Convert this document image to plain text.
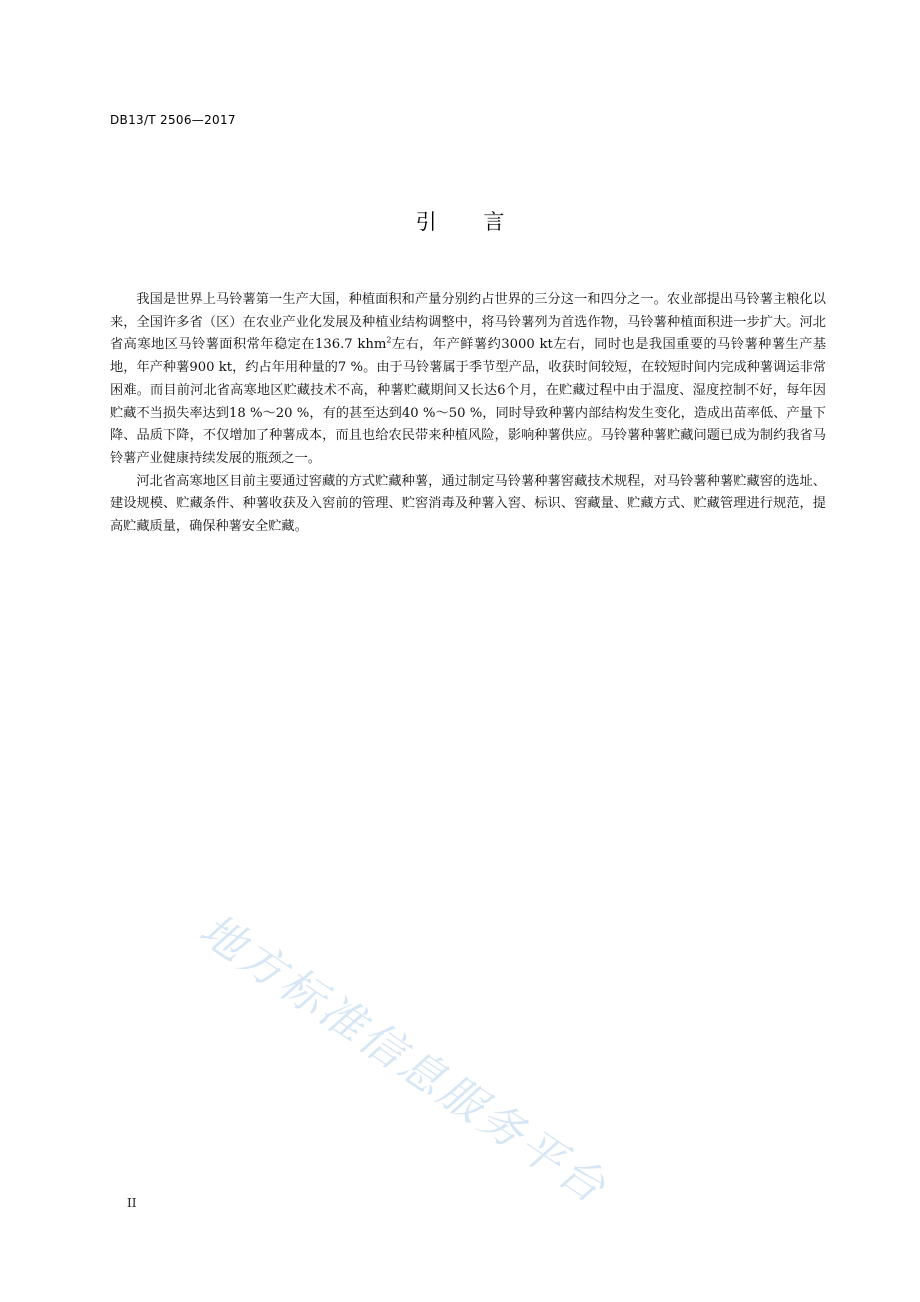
DB13/T 2506—2017
引 言

我国是世界上马铃薯第一生产大国，种植面积和产量分别约占世界的三分这一和四分之一。农业部提出马铃薯主粮化以来，全国许多省（区）在农业产业化发展及种植业结构调整中，将马铃薯列为首选作物，马铃薯种植面积进一步扩大。河北省高寒地区马铃薯面积常年稳定在136.7 khm$^2$左右，年产鲜薯约3000 kt左右，同时也是我国重要的马铃薯种薯生产基地，年产种薯900 kt，约占年用种量的7 %。由于马铃薯属于季节型产品，收获时间较短，在较短时间内完成种薯调运非常困难。而目前河北省高寒地区贮藏技术不高，种薯贮藏期间又长达6个月，在贮藏过程中由于温度、湿度控制不好，每年因贮藏不当损失率达到18 %～20 %，有的甚至达到40 %～50 %，同时导致种薯内部结构发生变化，造成出苗率低、产量下降、品质下降，不仅增加了种薯成本，而且也给农民带来种植风险，影响种薯供应。马铃薯种薯贮藏问题已成为制约我省马铃薯产业健康持续发展的瓶颈之一。

河北省高寒地区目前主要通过窖藏的方式贮藏种薯，通过制定马铃薯种薯窖藏技术规程，对马铃薯种薯贮藏窖的选址、建设规模、贮藏条件、种薯收获及入窖前的管理、贮窖消毒及种薯入窖、标识、窖藏量、贮藏方式、贮藏管理进行规范，提高贮藏质量，确保种薯安全贮藏。

地方标准信息服务平台
II
